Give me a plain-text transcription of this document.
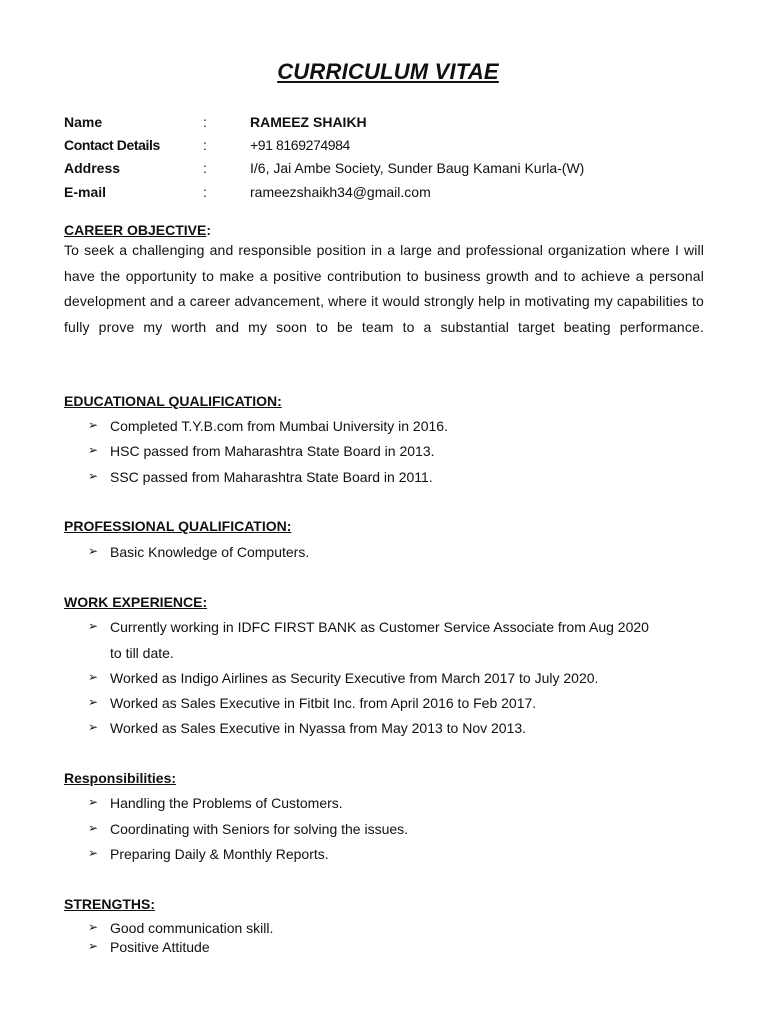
CURRICULUM VITAE
Name	:	RAMEEZ SHAIKH
Contact Details	:	+91 8169274984
Address	:	I/6, Jai Ambe Society, Sunder Baug Kamani Kurla-(W)
E-mail	:	rameezshaikh34@gmail.com
CAREER OBJECTIVE:
To seek a challenging and responsible position in a large and professional organization where I will have the opportunity to make a positive contribution to business growth and to achieve a personal development and a career advancement, where it would strongly help in motivating my capabilities to fully prove my worth and my soon to be team to a substantial target beating performance.
EDUCATIONAL QUALIFICATION:
➢ Completed T.Y.B.com from Mumbai University in 2016.
➢ HSC passed from Maharashtra State Board in 2013.
➢ SSC passed from Maharashtra State Board in 2011.
PROFESSIONAL QUALIFICATION:
➢ Basic Knowledge of Computers.
WORK EXPERIENCE:
➢ Currently working in IDFC FIRST BANK as Customer Service Associate from Aug 2020
to till date.
➢ Worked as Indigo Airlines as Security Executive from March 2017 to July 2020.
➢ Worked as Sales Executive in Fitbit Inc. from April 2016 to Feb 2017.
➢ Worked as Sales Executive in Nyassa from May 2013 to Nov 2013.
Responsibilities:
➢ Handling the Problems of Customers.
➢ Coordinating with Seniors for solving the issues.
➢ Preparing Daily & Monthly Reports.
STRENGTHS:
➢ Good communication skill.
➢ Positive Attitude
